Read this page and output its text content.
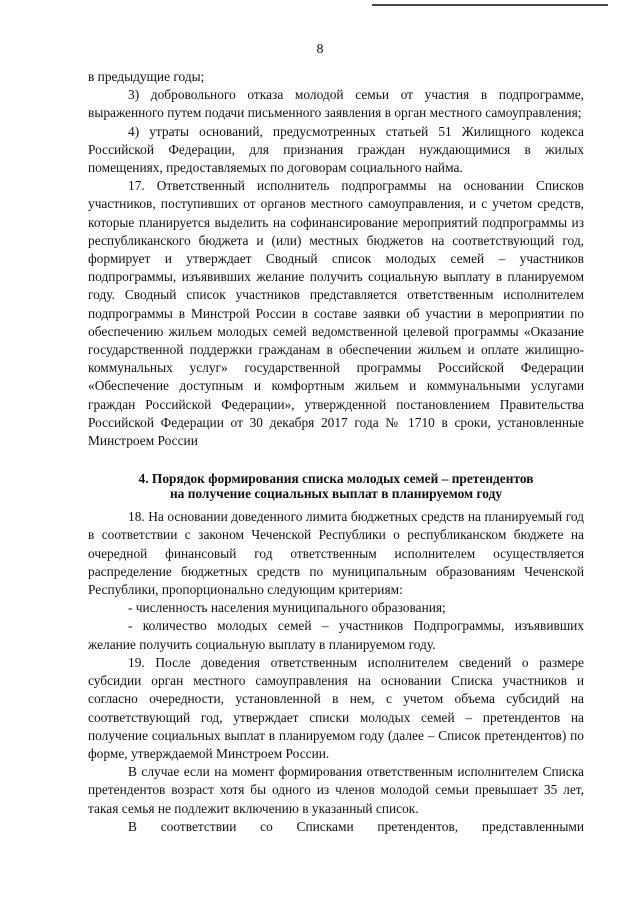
8

в предыдущие годы;

3) добровольного отказа молодой семьи от участия в подпрограмме, выраженного путем подачи письменного заявления в орган местного самоуправления;

4) утраты оснований, предусмотренных статьей 51 Жилищного кодекса Российской Федерации, для признания граждан нуждающимися в жилых помещениях, предоставляемых по договорам социального найма.

17. Ответственный исполнитель подпрограммы на основании Списков участников, поступивших от органов местного самоуправления, и с учетом средств, которые планируется выделить на софинансирование мероприятий подпрограммы из республиканского бюджета и (или) местных бюджетов на соответствующий год, формирует и утверждает Сводный список молодых семей – участников подпрограммы, изъявивших желание получить социальную выплату в планируемом году. Сводный список участников представляется ответственным исполнителем подпрограммы в Минстрой России в составе заявки об участии в мероприятии по обеспечению жильем молодых семей ведомственной целевой программы «Оказание государственной поддержки гражданам в обеспечении жильем и оплате жилищно-коммунальных услуг» государственной программы Российской Федерации «Обеспечение доступным и комфортным жильем и коммунальными услугами граждан Российской Федерации», утвержденной постановлением Правительства Российской Федерации от 30 декабря 2017 года № 1710 в сроки, установленные Минстроем России

4. Порядок формирования списка молодых семей – претендентов
на получение социальных выплат в планируемом году

18. На основании доведенного лимита бюджетных средств на планируемый год в соответствии с законом Чеченской Республики о республиканском бюджете на очередной финансовый год ответственным исполнителем осуществляется распределение бюджетных средств по муниципальным образованиям Чеченской Республики, пропорционально следующим критериям:

- численность населения муниципального образования;

- количество молодых семей – участников Подпрограммы, изъявивших желание получить социальную выплату в планируемом году.

19. После доведения ответственным исполнителем сведений о размере субсидии орган местного самоуправления на основании Списка участников и согласно очередности, установленной в нем, с учетом объема субсидий на соответствующий год, утверждает списки молодых семей – претендентов на получение социальных выплат в планируемом году (далее – Список претендентов) по форме, утверждаемой Минстроем России.

В случае если на момент формирования ответственным исполнителем Списка претендентов возраст хотя бы одного из членов молодой семьи превышает 35 лет, такая семья не подлежит включению в указанный список.

В соответствии со Списками претендентов, представленными
